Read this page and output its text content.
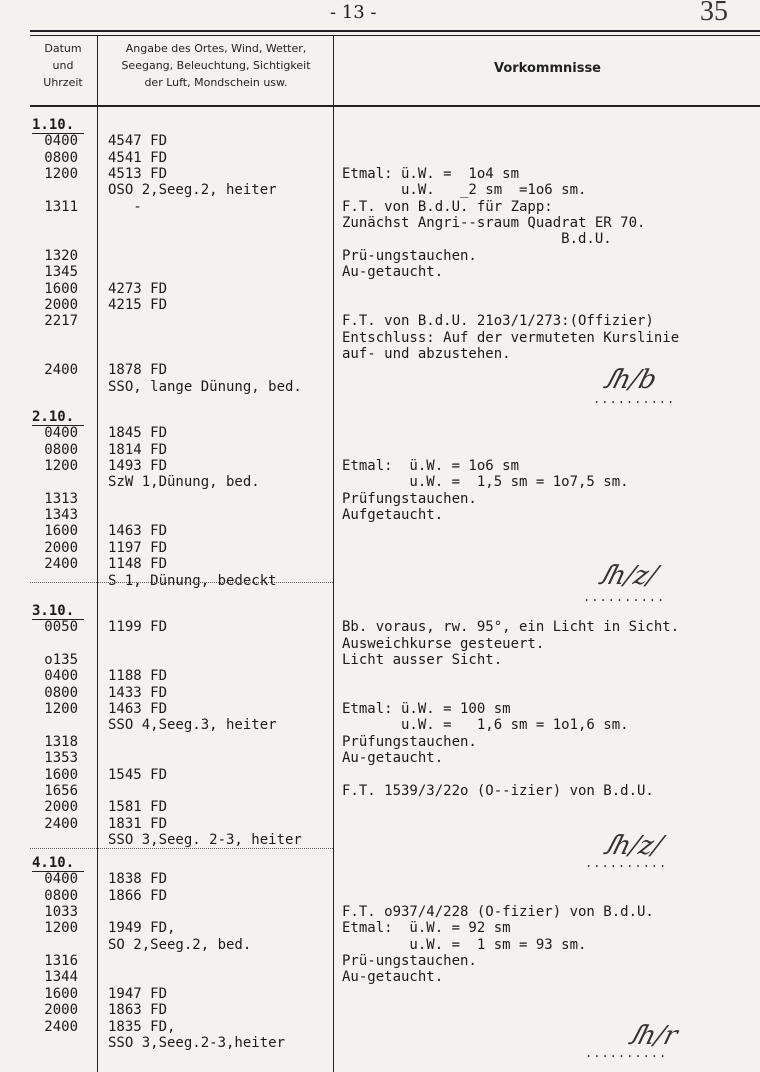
- 13 -	35
Datum
und
Uhrzeit
Angabe des Ortes, Wind, Wetter,
Seegang, Beleuchtung, Sichtigkeit
der Luft, Mondschein usw.
Vorkommnisse
1.10.
0400 4547 FD
0800 4541 FD
1200 4513 FD	Etmal: ü.W. =  1o4 sm
OSO 2,Seeg.2, heiter	u.W.   _2 sm  =1o6 sm.
1311 -	F.T. von B.d.U. für Zapp:
Zunächst Angri--sraum Quadrat ER 70.
B.d.U.
1320	Prü-ungstauchen.
1345	Au-getaucht.
1600 4273 FD
2000 4215 FD
2217	F.T. von B.d.U. 21o3/1/273:(Offizier)
Entschluss: Auf der vermuteten Kurslinie
auf- und abzustehen.
2400 1878 FD
SSO, lange Dünung, bed.
2.10.
0400 1845 FD
0800 1814 FD
1200 1493 FD	Etmal:  ü.W. = 1o6 sm
SzW 1,Dünung, bed.	u.W. =  1,5 sm = 1o7,5 sm.
1313	Prüfungstauchen.
1343	Aufgetaucht.
1600 1463 FD
2000 1197 FD
2400 1148 FD
S 1, Dünung, bedeckt
3.10.
0050 1199 FD	Bb. voraus, rw. 95°, ein Licht in Sicht.
Ausweichkurse gesteuert.
o135	Licht ausser Sicht.
0400 1188 FD
0800 1433 FD
1200 1463 FD	Etmal: ü.W. = 100 sm
SSO 4,Seeg.3, heiter	u.W. =   1,6 sm = 1o1,6 sm.
1318	Prüfungstauchen.
1353	Au-getaucht.
1600 1545 FD
1656	F.T. 1539/3/22o (O--izier) von B.d.U.
2000 1581 FD
2400 1831 FD
SSO 3,Seeg. 2-3, heiter
4.10.
0400 1838 FD
0800 1866 FD
1033	F.T. o937/4/228 (O-fizier) von B.d.U.
1200 1949 FD,	Etmal:  ü.W. = 92 sm
SO 2,Seeg.2, bed.	u.W. =  1 sm = 93 sm.
1316	Prü-ungstauchen.
1344	Au-getaucht.
1600 1947 FD
2000 1863 FD
2400 1835 FD,
SSO 3,Seeg.2-3,heiter
⁠ꭍh/b
..........
⁠ꭍh/z/
..........
⁠ꭍh/z/
..........
⁠ꭍh/r
..........
